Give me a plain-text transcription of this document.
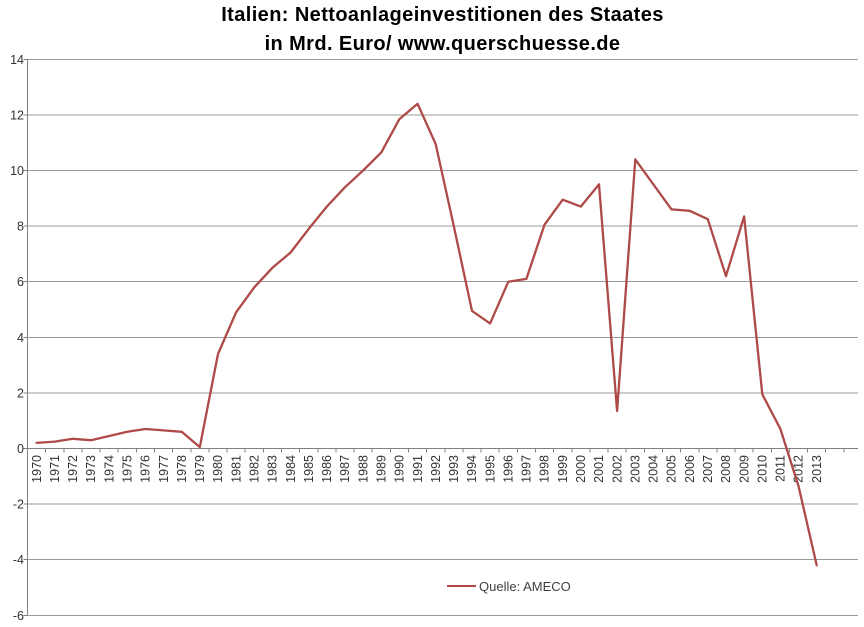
Italien: Nettoanlageinvestitionen des Staates
in Mrd. Euro/ www.querschuesse.de
14
12
10
8
6
4
2
0
-2
-4
-6
1970 1971 1972 1973 1974 1975 1976 1977 1978 1979 1980 1981 1982 1983 1984 1985 1986 1987 1988 1989 1990 1991 1992 1993 1994 1995 1996 1997 1998 1999 2000 2001 2002 2003 2004 2005 2006 2007 2008 2009 2010 2011 2012 2013
Quelle: AMECO
